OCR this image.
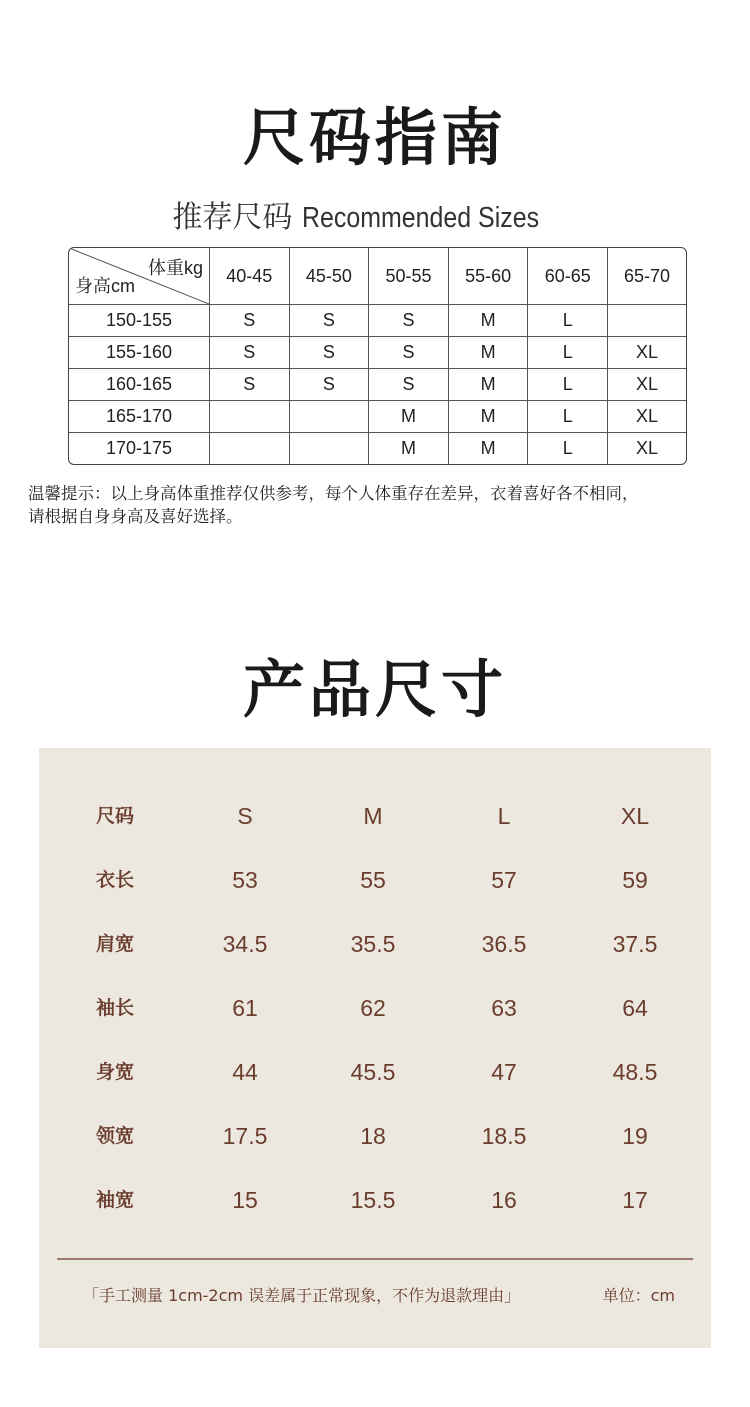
尺码指南
推荐尺码 Recommended Sizes
体重kg
身高cm	40-45	45-50	50-55	55-60	60-65	65-70
150-155	S	S	S	M	L	
155-160	S	S	S	M	L	XL
160-165	S	S	S	M	L	XL
165-170			M	M	L	XL
170-175			M	M	L	XL
温馨提示：以上身高体重推荐仅供参考，每个人体重存在差异，衣着喜好各不相同，
请根据自身身高及喜好选择。
产品尺寸
尺码	S	M	L	XL
衣长	53	55	57	59
肩宽	34.5	35.5	36.5	37.5
袖长	61	62	63	64
身宽	44	45.5	47	48.5
领宽	17.5	18	18.5	19
袖宽	15	15.5	16	17
「手工测量 1cm-2cm 误差属于正常现象，不作为退款理由」	单位：cm
